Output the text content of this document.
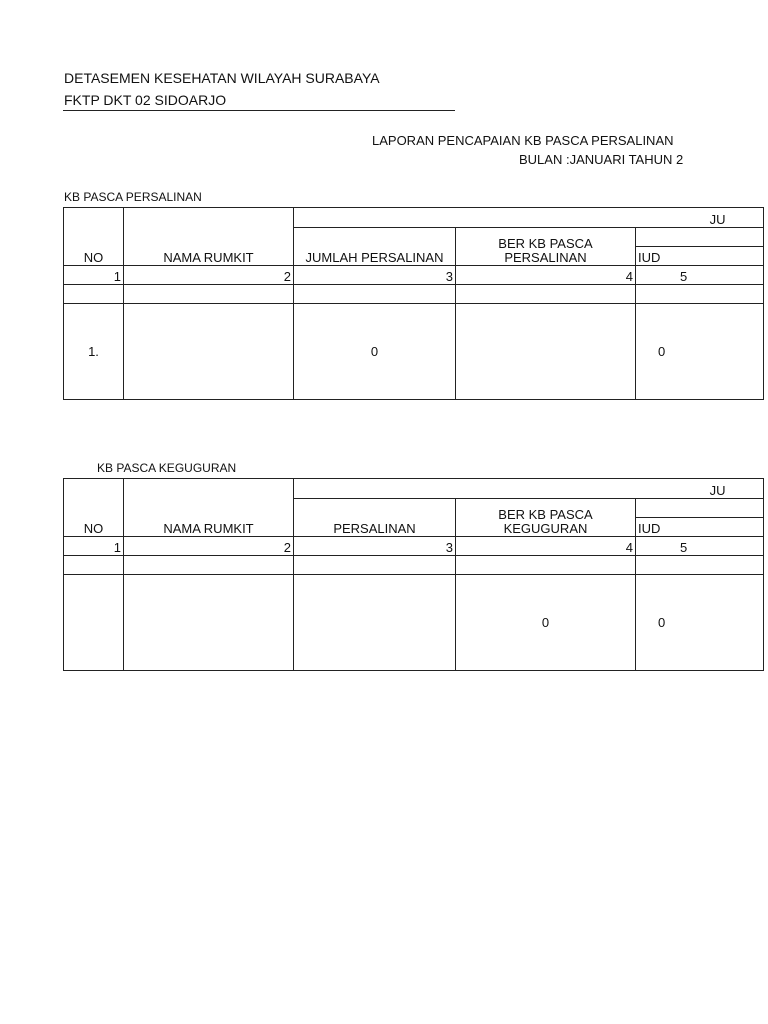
DETASEMEN KESEHATAN WILAYAH SURABAYA
FKTP DKT 02 SIDOARJO
LAPORAN PENCAPAIAN KB PASCA PERSALINAN
BULAN :JANUARI TAHUN 2
KB PASCA PERSALINAN
NO	NAMA RUMKIT	JU		
		JUMLAH PERSALINAN	BER KB PASCA PERSALINAN	
				IUD
1	2	3	4	5

1.		0		0
KB PASCA KEGUGURAN
NO	NAMA RUMKIT	JU		
		PERSALINAN	BER KB PASCA KEGUGURAN	
				IUD
1	2	3	4	5

			0	0
